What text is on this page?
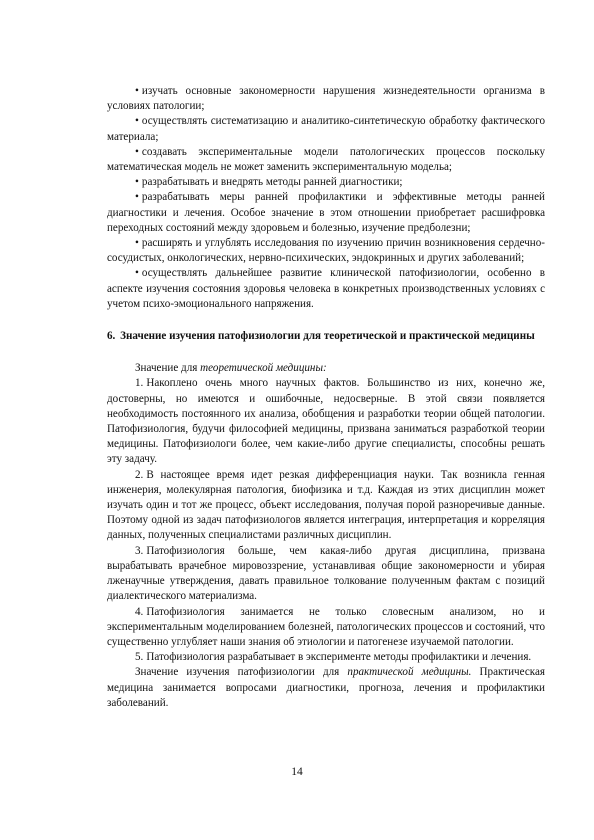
• изучать основные закономерности нарушения жизнедеятельности организма в условиях патологии;
• осуществлять систематизацию и аналитико-синтетическую обработку фактического материала;
• создавать экспериментальные модели патологических процессов поскольку математическая модель не может заменить экспериментальную модельа;
• разрабатывать и внедрять методы ранней диагностики;
• разрабатывать меры ранней профилактики и эффективные методы ранней диагностики и лечения. Особое значение в этом отношении приобретает расшифровка переходных состояний между здоровьем и болезнью, изучение предболезни;
• расширять и углублять исследования по изучению причин возникновения сердечно-сосудистых, онкологических, нервно-психических, эндокринных и других заболеваний;
• осуществлять дальнейшее развитие клинической патофизиологии, особенно в аспекте изучения состояния здоровья человека в конкретных производственных условиях с учетом психо-эмоционального напряжения.

6. Значение изучения патофизиологии для теоретической и практической медицины

Значение для теоретической медицины:

1. Накоплено очень много научных фактов. Большинство из них, конечно же, достоверны, но имеются и ошибочные, недосверные. В этой связи появляется необходимость постоянного их анализа, обобщения и разработки теории общей патологии. Патофизиология, будучи философией медицины, призвана заниматься разработкой теории медицины. Патофизиологи более, чем какие-либо другие специалисты, способны решать эту задачу.
2. В настоящее время идет резкая дифференциация науки. Так возникла генная инженерия, молекулярная патология, биофизика и т.д. Каждая из этих дисциплин может изучать один и тот же процесс, объект исследования, получая порой разноречивые данные. Поэтому одной из задач патофизиологов является интеграция, интерпретация и корреляция данных, полученных специалистами различных дисциплин.
3. Патофизиология больше, чем какая-либо другая дисциплина, призвана вырабатывать врачебное мировоззрение, устанавливая общие закономерности и убирая лженаучные утверждения, давать правильное толкование полученным фактам с позиций диалектического материализма.
4. Патофизиология занимается не только словесным анализом, но и экспериментальным моделированием болезней, патологических процессов и состояний, что существенно углубляет наши знания об этиологии и патогенезе изучаемой патологии.
5. Патофизиология разрабатывает в эксперименте методы профилактики и лечения.

Значение изучения патофизиологии для практической медицины. Практическая медицина занимается вопросами диагностики, прогноза, лечения и профилактики заболеваний.

14
